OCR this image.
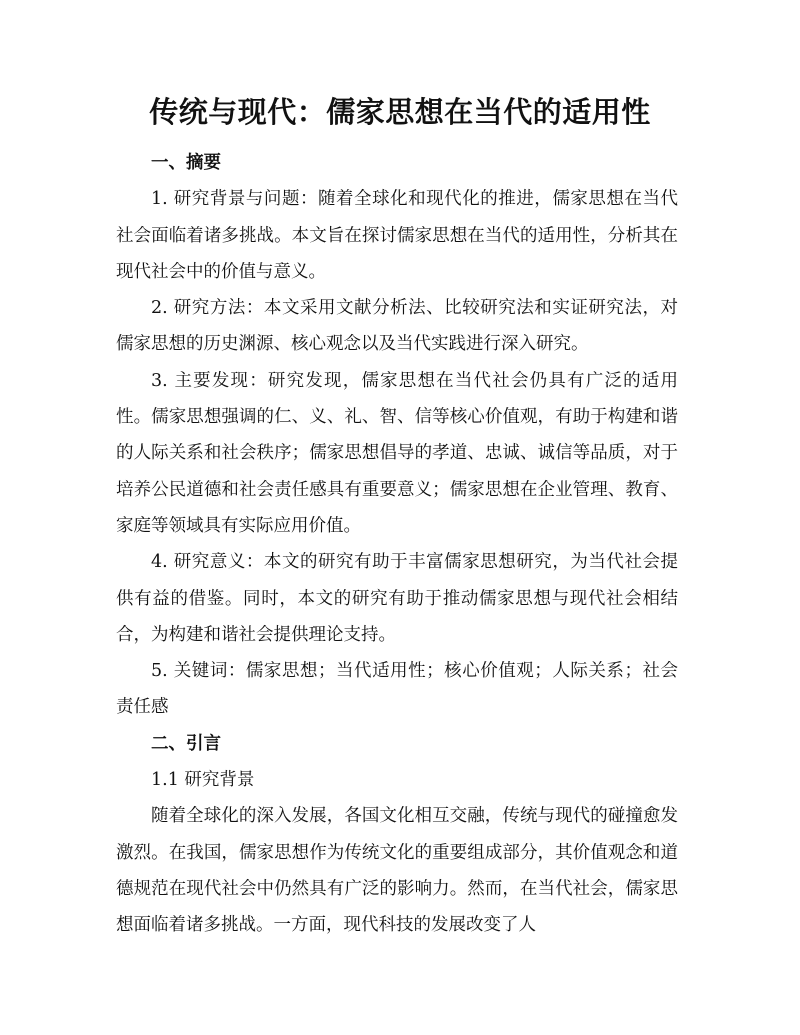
传统与现代：儒家思想在当代的适用性
一、摘要

1. 研究背景与问题：随着全球化和现代化的推进，儒家思想在当代社会面临着诸多挑战。本文旨在探讨儒家思想在当代的适用性，分析其在现代社会中的价值与意义。

2. 研究方法：本文采用文献分析法、比较研究法和实证研究法，对儒家思想的历史渊源、核心观念以及当代实践进行深入研究。

3. 主要发现：研究发现，儒家思想在当代社会仍具有广泛的适用性。儒家思想强调的仁、义、礼、智、信等核心价值观，有助于构建和谐的人际关系和社会秩序；儒家思想倡导的孝道、忠诚、诚信等品质，对于培养公民道德和社会责任感具有重要意义；儒家思想在企业管理、教育、家庭等领域具有实际应用价值。

4. 研究意义：本文的研究有助于丰富儒家思想研究，为当代社会提供有益的借鉴。同时，本文的研究有助于推动儒家思想与现代社会相结合，为构建和谐社会提供理论支持。

5. 关键词：儒家思想；当代适用性；核心价值观；人际关系；社会责任感

二、引言

1.1 研究背景

随着全球化的深入发展，各国文化相互交融，传统与现代的碰撞愈发激烈。在我国，儒家思想作为传统文化的重要组成部分，其价值观念和道德规范在现代社会中仍然具有广泛的影响力。然而，在当代社会，儒家思想面临着诸多挑战。一方面，现代科技的发展改变了人
